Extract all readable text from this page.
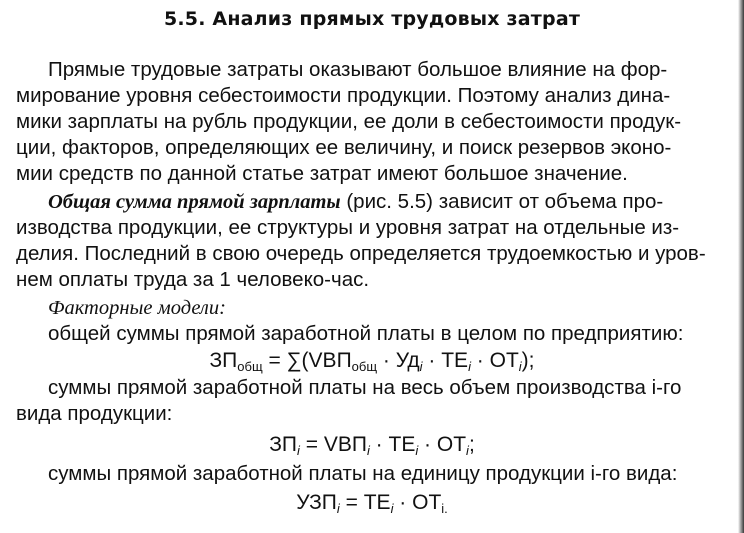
5.5. Анализ прямых трудовых затрат
Прямые трудовые затраты оказывают большое влияние на фор-
мирование уровня себестоимости продукции. Поэтому анализ дина-
мики зарплаты на рубль продукции, ее доли в себестоимости продук-
ции, факторов, определяющих ее величину, и поиск резервов эконо-
мии средств по данной статье затрат имеют большое значение.
Общая сумма прямой зарплаты (рис. 5.5) зависит от объема про-
изводства продукции, ее структуры и уровня затрат на отдельные из-
делия. Последний в свою очередь определяется трудоемкостью и уров-
нем оплаты труда за 1 человеко-час.
Факторные модели:
общей суммы прямой заработной платы в целом по предприятию:
$ЗП_{общ} = \sum(VВП_{общ} \cdot Уд_i \cdot ТЕ_i \cdot ОТ_i)$;
суммы прямой заработной платы на весь объем производства i-го
вида продукции:
$ЗП_i = VВП_i \cdot ТЕ_i \cdot ОТ_i$;
суммы прямой заработной платы на единицу продукции i-го вида:
$УЗП_i = ТЕ_i \cdot ОТ_{i.}$
